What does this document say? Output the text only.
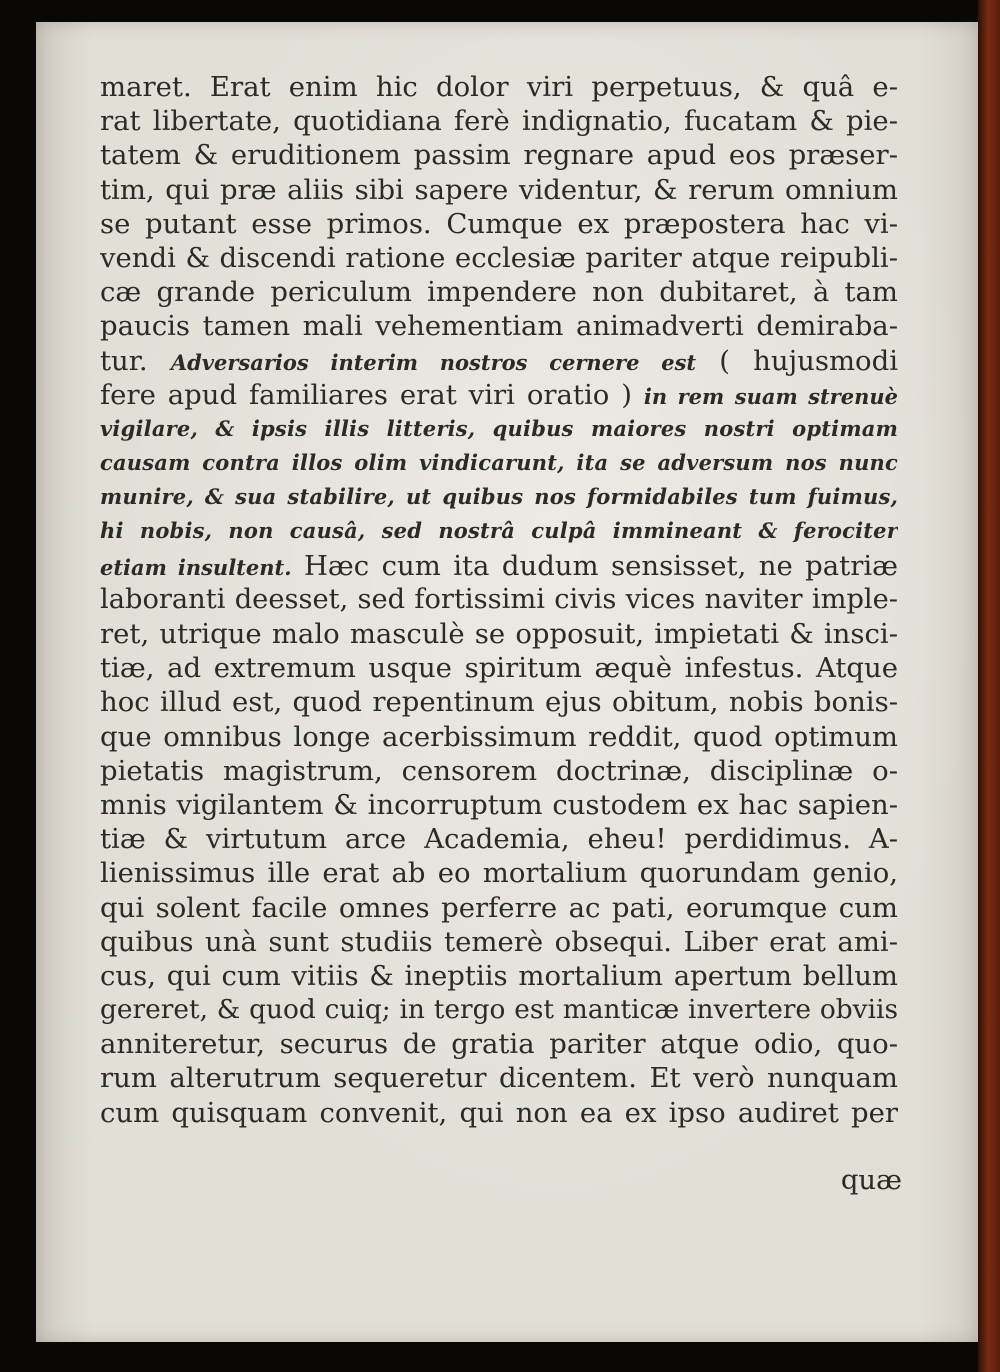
maret. Erat enim hic dolor viri perpetuus, & quâ e-
rat libertate, quotidiana ferè indignatio, fucatam & pie-
tatem & eruditionem passim regnare apud eos præser-
tim, qui præ aliis sibi sapere videntur, & rerum omnium
se putant esse primos. Cumque ex præpostera hac vi-
vendi & discendi ratione ecclesiæ pariter atque reipubli-
cæ grande periculum impendere non dubitaret, à tam
paucis tamen mali vehementiam animadverti demiraba-
tur. Adversarios interim nostros cernere est ( hujusmodi
fere apud familiares erat viri oratio ) in rem suam strenuè
vigilare, & ipsis illis litteris, quibus maiores nostri optimam
causam contra illos olim vindicarunt, ita se adversum nos nunc
munire, & sua stabilire, ut quibus nos formidabiles tum fuimus,
hi nobis, non causâ, sed nostrâ culpâ immineant & ferociter
etiam insultent. Hæc cum ita dudum sensisset, ne patriæ
laboranti deesset, sed fortissimi civis vices naviter imple-
ret, utrique malo masculè se opposuit, impietati & insci-
tiæ, ad extremum usque spiritum æquè infestus. Atque
hoc illud est, quod repentinum ejus obitum, nobis bonis-
que omnibus longe acerbissimum reddit, quod optimum
pietatis magistrum, censorem doctrinæ, disciplinæ o-
mnis vigilantem & incorruptum custodem ex hac sapien-
tiæ & virtutum arce Academia, eheu! perdidimus. A-
lienissimus ille erat ab eo mortalium quorundam genio,
qui solent facile omnes perferre ac pati, eorumque cum
quibus unà sunt studiis temerè obsequi. Liber erat ami-
cus, qui cum vitiis & ineptiis mortalium apertum bellum
gereret, & quod cuiq; in tergo est manticæ invertere obviis
anniteretur, securus de gratia pariter atque odio, quo-
rum alterutrum sequeretur dicentem. Et verò nunquam
cum quisquam convenit, qui non ea ex ipso audiret per
quæ
